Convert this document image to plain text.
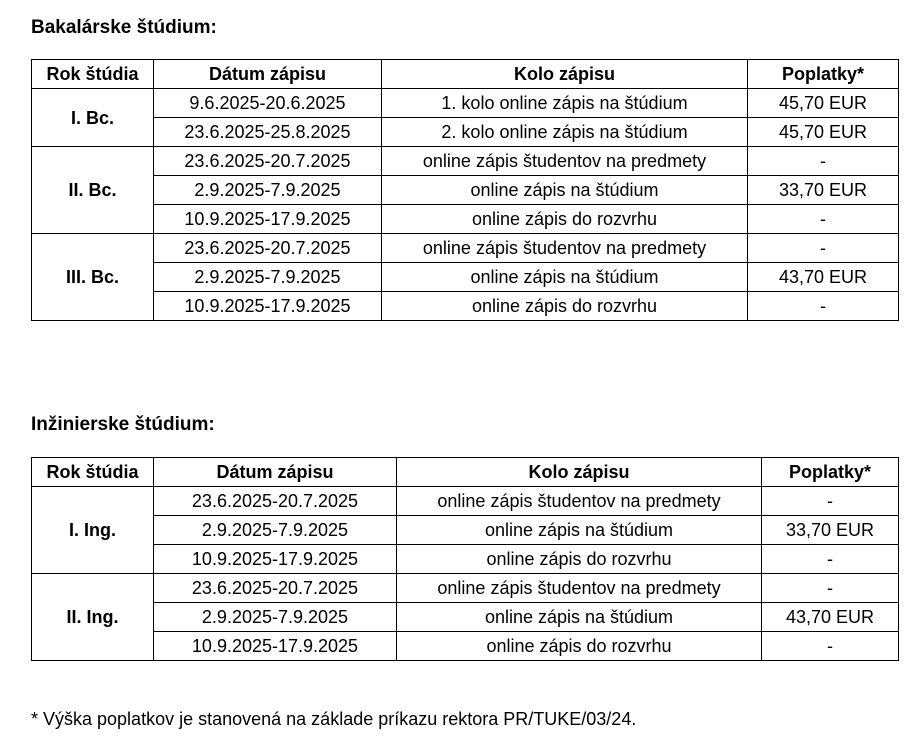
Bakalárske štúdium:
Rok štúdia	Dátum zápisu	Kolo zápisu	Poplatky*
I. Bc.	9.6.2025-20.6.2025	1. kolo online zápis na štúdium	45,70 EUR
	23.6.2025-25.8.2025	2. kolo online zápis na štúdium	45,70 EUR
II. Bc.	23.6.2025-20.7.2025	online zápis študentov na predmety	-
	2.9.2025-7.9.2025	online zápis na štúdium	33,70 EUR
	10.9.2025-17.9.2025	online zápis do rozvrhu	-
III. Bc.	23.6.2025-20.7.2025	online zápis študentov na predmety	-
	2.9.2025-7.9.2025	online zápis na štúdium	43,70 EUR
	10.9.2025-17.9.2025	online zápis do rozvrhu	-
Inžinierske štúdium:
Rok štúdia	Dátum zápisu	Kolo zápisu	Poplatky*
I. Ing.	23.6.2025-20.7.2025	online zápis študentov na predmety	-
	2.9.2025-7.9.2025	online zápis na štúdium	33,70 EUR
	10.9.2025-17.9.2025	online zápis do rozvrhu	-
II. Ing.	23.6.2025-20.7.2025	online zápis študentov na predmety	-
	2.9.2025-7.9.2025	online zápis na štúdium	43,70 EUR
	10.9.2025-17.9.2025	online zápis do rozvrhu	-
* Výška poplatkov je stanovená na základe príkazu rektora PR/TUKE/03/24.
